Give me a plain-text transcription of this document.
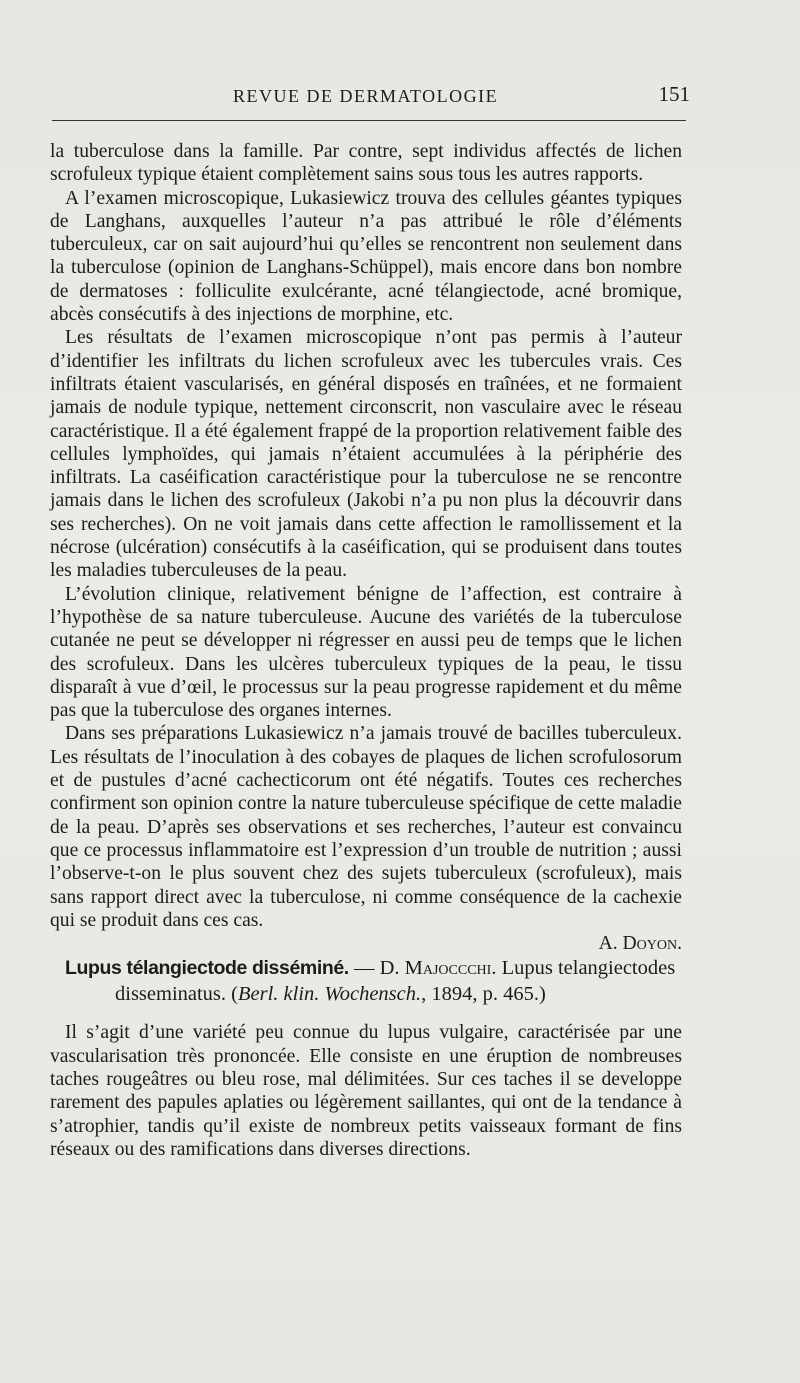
REVUE DE DERMATOLOGIE	151

la tuberculose dans la famille. Par contre, sept individus affectés de lichen scrofuleux typique étaient complètement sains sous tous les autres rapports.

A l’examen microscopique, Lukasiewicz trouva des cellules géantes typiques de Langhans, auxquelles l’auteur n’a pas attribué le rôle d’éléments tuberculeux, car on sait aujourd’hui qu’elles se rencontrent non seulement dans la tuberculose (opinion de Langhans-Schüppel), mais encore dans bon nombre de dermatoses : folliculite exulcérante, acné télangiectode, acné bromique, abcès consécutifs à des injections de morphine, etc.

Les résultats de l’examen microscopique n’ont pas permis à l’auteur d’identifier les infiltrats du lichen scrofuleux avec les tubercules vrais. Ces infiltrats étaient vascularisés, en général disposés en traînées, et ne formaient jamais de nodule typique, nettement circonscrit, non vasculaire avec le réseau caractéristique. Il a été également frappé de la proportion relativement faible des cellules lymphoïdes, qui jamais n’étaient accumulées à la périphérie des infiltrats. La caséification caractéristique pour la tuberculose ne se rencontre jamais dans le lichen des scrofuleux (Jakobi n’a pu non plus la découvrir dans ses recherches). On ne voit jamais dans cette affection le ramollissement et la nécrose (ulcération) consécutifs à la caséification, qui se produisent dans toutes les maladies tuberculeuses de la peau.

L’évolution clinique, relativement bénigne de l’affection, est contraire à l’hypothèse de sa nature tuberculeuse. Aucune des variétés de la tuberculose cutanée ne peut se développer ni régresser en aussi peu de temps que le lichen des scrofuleux. Dans les ulcères tuberculeux typiques de la peau, le tissu disparaît à vue d’œil, le processus sur la peau progresse rapidement et du même pas que la tuberculose des organes internes.

Dans ses préparations Lukasiewicz n’a jamais trouvé de bacilles tuberculeux. Les résultats de l’inoculation à des cobayes de plaques de lichen scrofulosorum et de pustules d’acné cachecticorum ont été négatifs. Toutes ces recherches confirment son opinion contre la nature tuberculeuse spécifique de cette maladie de la peau. D’après ses observations et ses recherches, l’auteur est convaincu que ce processus inflammatoire est l’expression d’un trouble de nutrition ; aussi l’observe-t-on le plus souvent chez des sujets tuberculeux (scrofuleux), mais sans rapport direct avec la tuberculose, ni comme conséquence de la cachexie qui se produit dans ces cas.

A. Doyon.

Lupus télangiectode disséminé. — D. Majoccchi. Lupus telangiectodes
disseminatus. (Berl. klin. Wochensch., 1894, p. 465.)

Il s’agit d’une variété peu connue du lupus vulgaire, caractérisée par une vascularisation très prononcée. Elle consiste en une éruption de nombreuses taches rougeâtres ou bleu rose, mal délimitées. Sur ces taches il se developpe rarement des papules aplaties ou légèrement saillantes, qui ont de la tendance à s’atrophier, tandis qu’il existe de nombreux petits vaisseaux formant de fins réseaux ou des ramifications dans diverses directions.
